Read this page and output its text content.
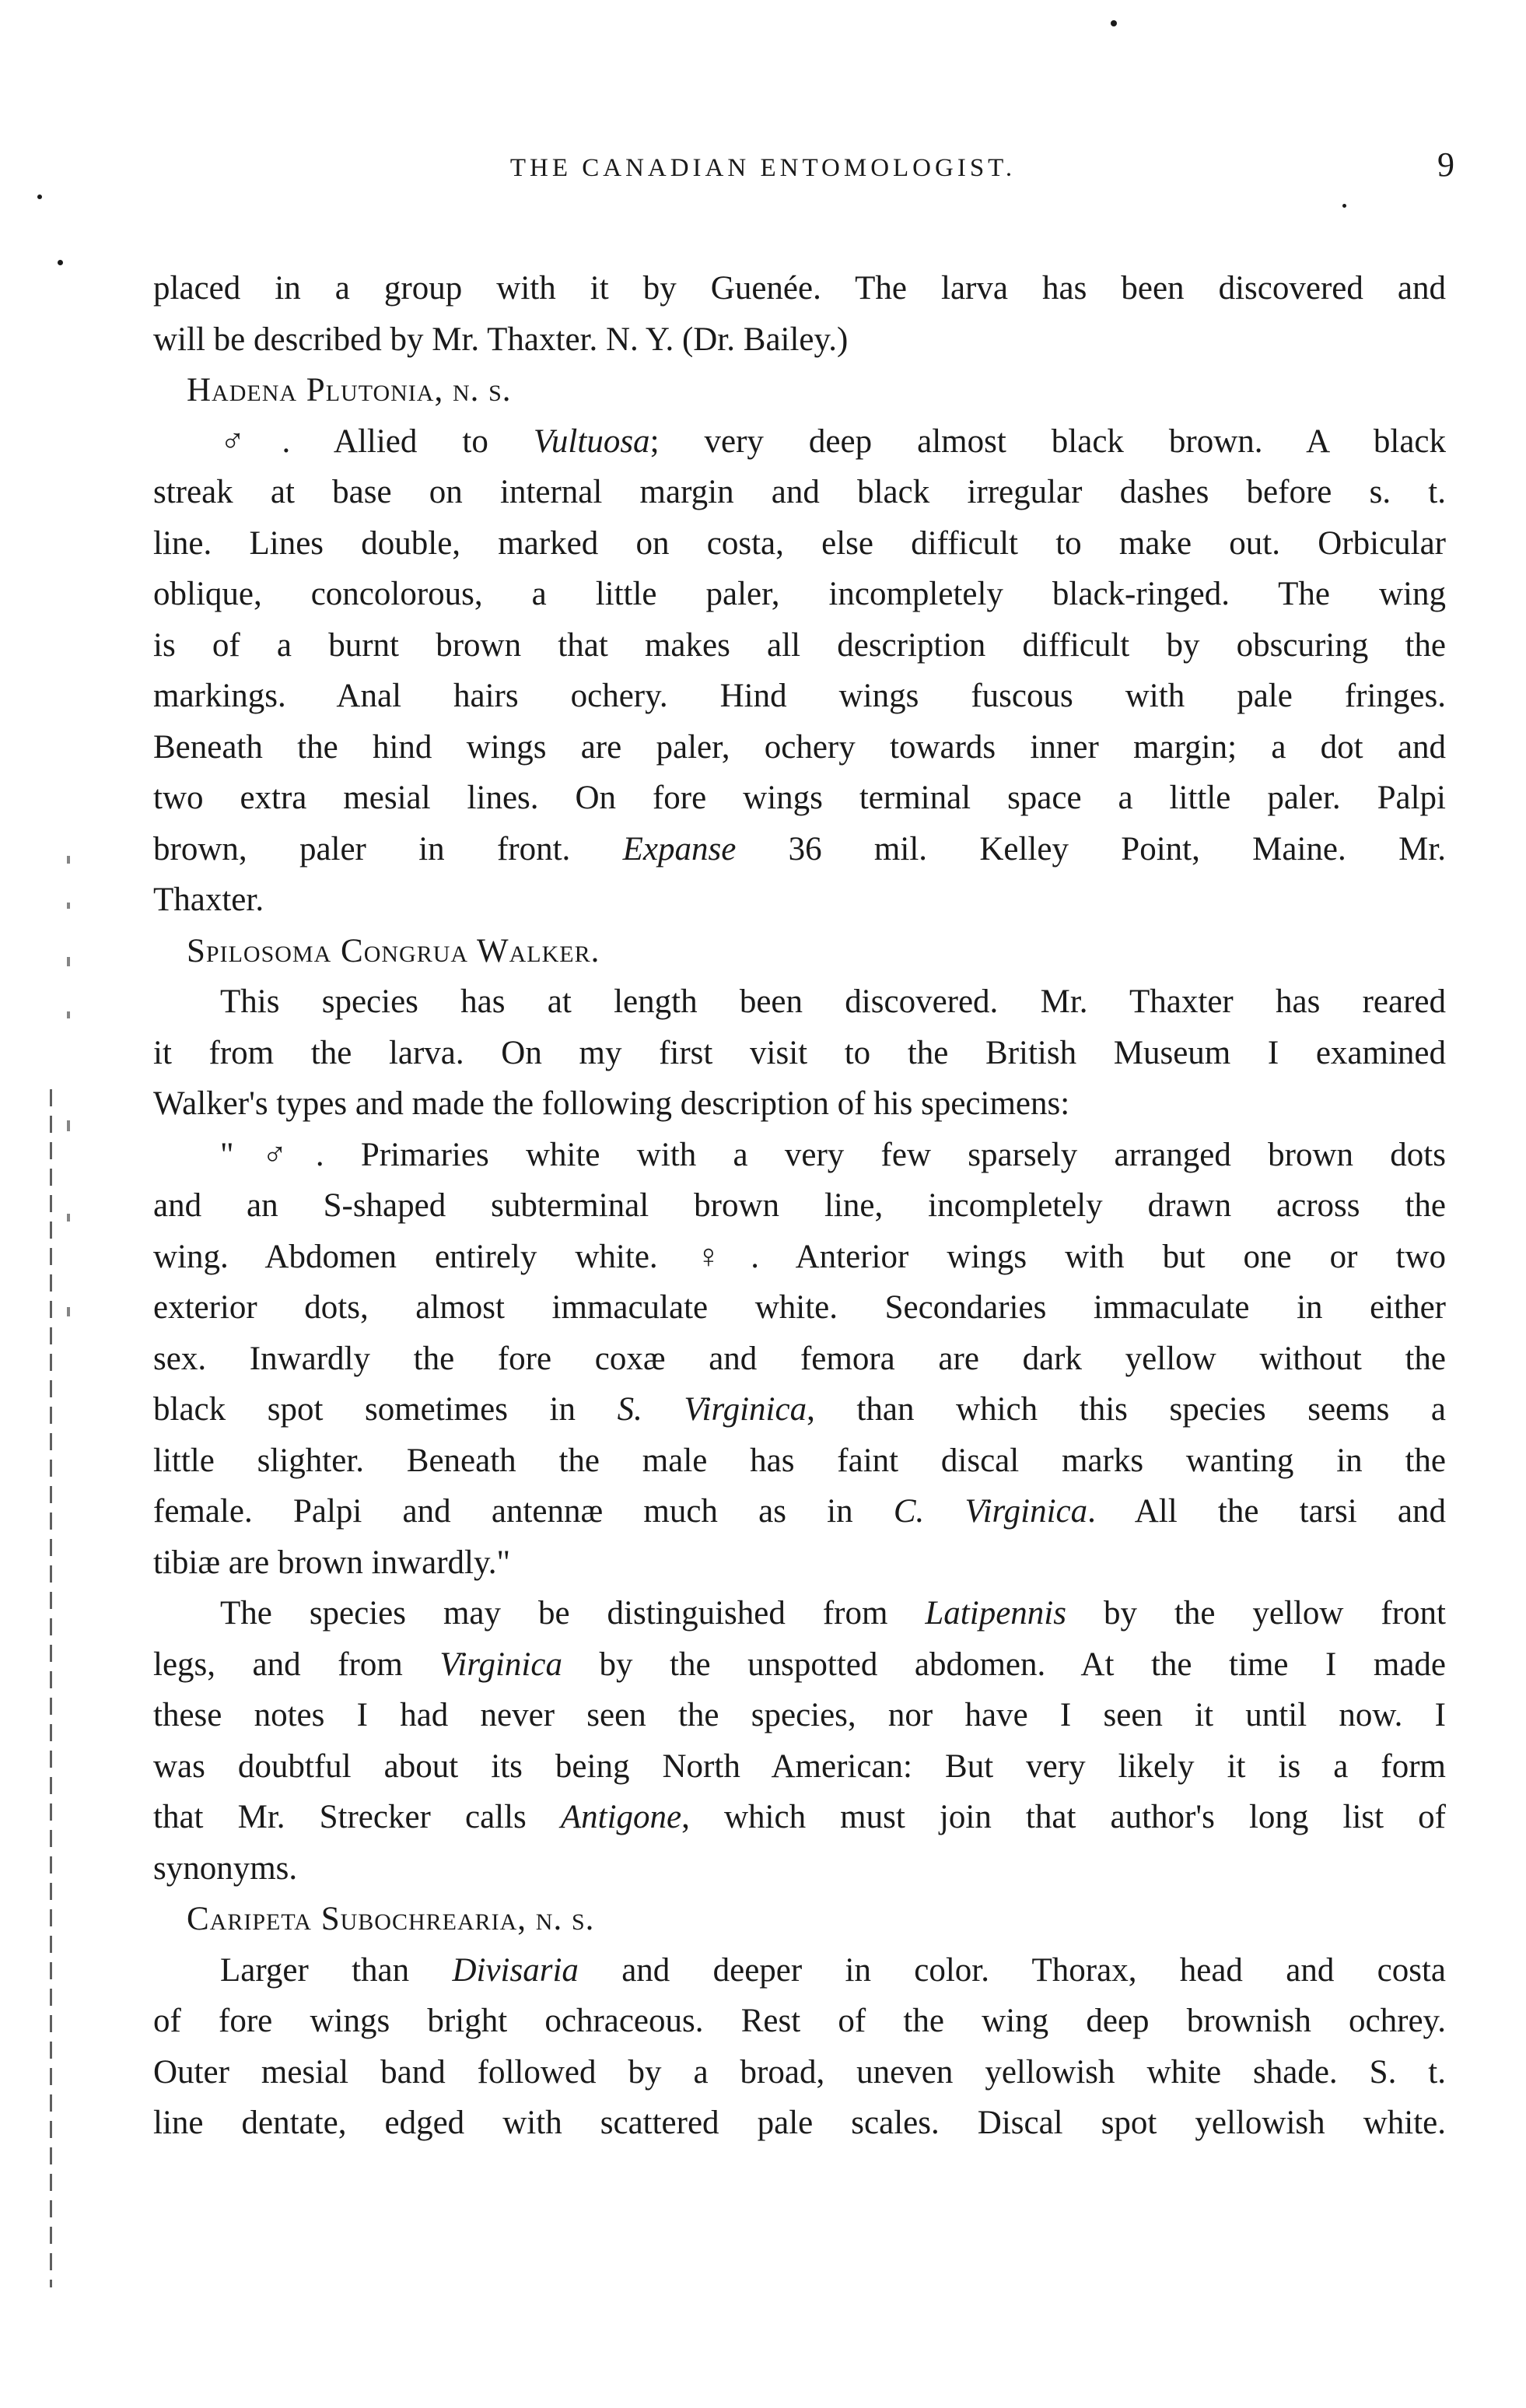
THE CANADIAN ENTOMOLOGIST.	9
placed in a group with it by Guenée. The larva has been discovered and
will be described by Mr. Thaxter. N. Y. (Dr. Bailey.)
Hadena Plutonia, n. s.
♂. Allied to Vultuosa; very deep almost black brown. A black
streak at base on internal margin and black irregular dashes before s. t.
line. Lines double, marked on costa, else difficult to make out. Orbicular
oblique, concolorous, a little paler, incompletely black-ringed. The wing
is of a burnt brown that makes all description difficult by obscuring the
markings. Anal hairs ochery. Hind wings fuscous with pale fringes.
Beneath the hind wings are paler, ochery towards inner margin; a dot and
two extra mesial lines. On fore wings terminal space a little paler. Palpi
brown, paler in front. Expanse 36 mil. Kelley Point, Maine. Mr.
Thaxter.
Spilosoma Congrua Walker.
This species has at length been discovered. Mr. Thaxter has reared
it from the larva. On my first visit to the British Museum I examined
Walker's types and made the following description of his specimens:
"♂. Primaries white with a very few sparsely arranged brown dots
and an S-shaped subterminal brown line, incompletely drawn across the
wing. Abdomen entirely white. ♀. Anterior wings with but one or two
exterior dots, almost immaculate white. Secondaries immaculate in either
sex. Inwardly the fore coxæ and femora are dark yellow without the
black spot sometimes in S. Virginica, than which this species seems a
little slighter. Beneath the male has faint discal marks wanting in the
female. Palpi and antennæ much as in C. Virginica. All the tarsi and
tibiæ are brown inwardly."
The species may be distinguished from Latipennis by the yellow front
legs, and from Virginica by the unspotted abdomen. At the time I made
these notes I had never seen the species, nor have I seen it until now. I
was doubtful about its being North American: But very likely it is a form
that Mr. Strecker calls Antigone, which must join that author's long list of
synonyms.
Caripeta Subochrearia, n. s.
Larger than Divisaria and deeper in color. Thorax, head and costa
of fore wings bright ochraceous. Rest of the wing deep brownish ochrey.
Outer mesial band followed by a broad, uneven yellowish white shade. S. t.
line dentate, edged with scattered pale scales. Discal spot yellowish white.
